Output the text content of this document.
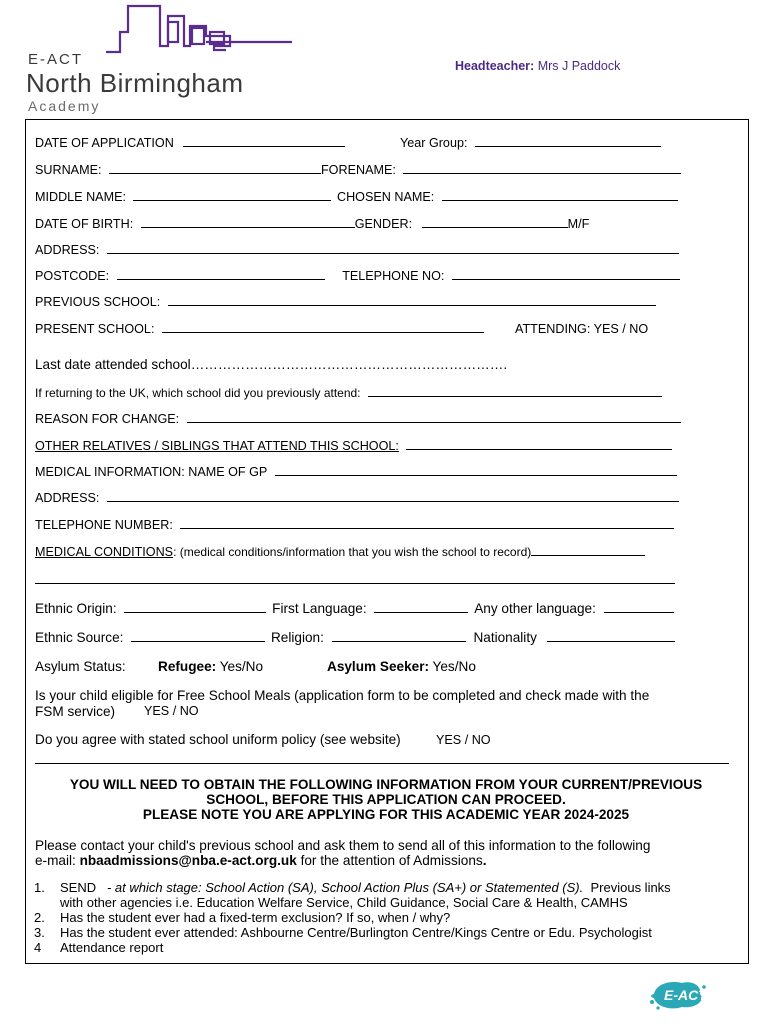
E-ACT
North Birmingham
Academy
Headteacher: Mrs J Paddock
DATE OF APPLICATION	Year Group:
SURNAME:	FORENAME:
MIDDLE NAME:	CHOSEN NAME:
DATE OF BIRTH:	GENDER:	M/F
ADDRESS:
POSTCODE:	TELEPHONE NO:
PREVIOUS SCHOOL:
PRESENT SCHOOL:	ATTENDING: YES / NO
Last date attended school…………………………………………………………….
If returning to the UK, which school did you previously attend:
REASON FOR CHANGE:
OTHER RELATIVES / SIBLINGS THAT ATTEND THIS SCHOOL:
MEDICAL INFORMATION: NAME OF GP
ADDRESS:
TELEPHONE NUMBER:
MEDICAL CONDITIONS: (medical conditions/information that you wish the school to record)
Ethnic Origin:	First Language:	Any other language:
Ethnic Source:	Religion:	Nationality
Asylum Status: Refugee: Yes/No	Asylum Seeker: Yes/No
Is your child eligible for Free School Meals (application form to be completed and check made with the
FSM service) YES / NO
Do you agree with stated school uniform policy (see website)	YES / NO
YOU WILL NEED TO OBTAIN THE FOLLOWING INFORMATION FROM YOUR CURRENT/PREVIOUS
SCHOOL, BEFORE THIS APPLICATION CAN PROCEED.
PLEASE NOTE YOU ARE APPLYING FOR THIS ACADEMIC YEAR 2024-2025
Please contact your child's previous school and ask them to send all of this information to the following
e-mail: nbaadmissions@nba.e-act.org.uk for the attention of Admissions.
1. SEND - at which stage: School Action (SA), School Action Plus (SA+) or Statemented (S). Previous links
with other agencies i.e. Education Welfare Service, Child Guidance, Social Care & Health, CAMHS
2. Has the student ever had a fixed-term exclusion? If so, when / why?
3. Has the student ever attended: Ashbourne Centre/Burlington Centre/Kings Centre or Edu. Psychologist
4 Attendance report
E-ACT
